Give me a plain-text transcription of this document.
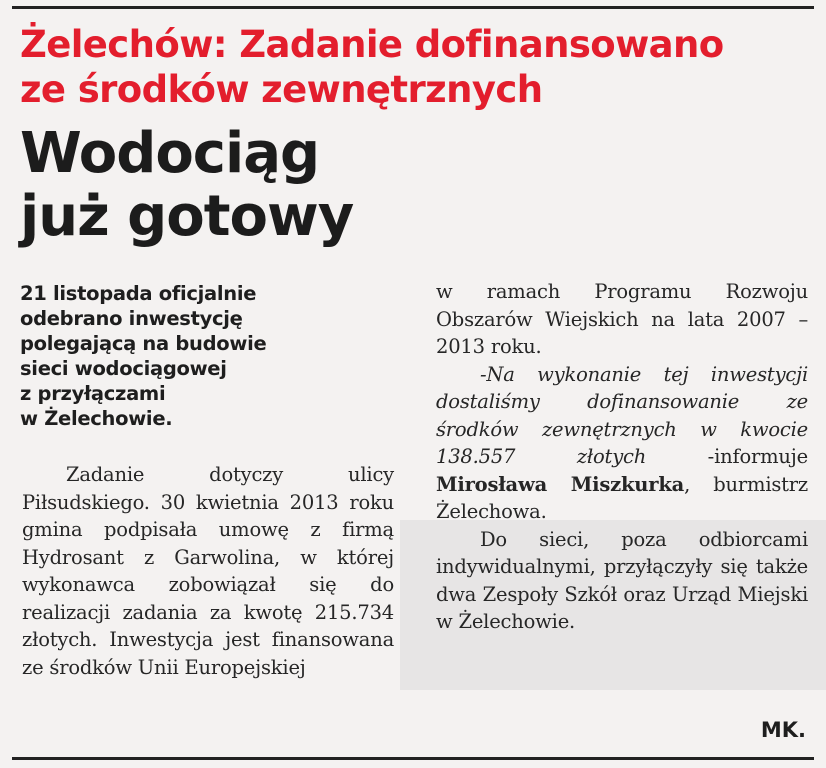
Żelechów: Zadanie dofinansowano
ze środków zewnętrznych
Wodociąg
już gotowy

21 listopada oficjalnie
odebrano inwestycję
polegającą na budowie
sieci wodociągowej
z przyłączami
w Żelechowie.

Zadanie dotyczy ulicy Piłsudskiego. 30 kwietnia 2013 roku gmina podpisała umowę z firmą Hydrosant z Garwolina, w której wykonawca zobowiązał się do realizacji zadania za kwotę 215.734 złotych. Inwestycja jest finansowana ze środków Unii Europejskiej

w ramach Programu Rozwoju Obszarów Wiejskich na lata 2007 – 2013 roku.

-Na wykonanie tej inwestycji dostaliśmy dofinansowanie ze środków zewnętrznych w kwocie 138.557 złotych -informuje Mirosława Miszkurka, burmistrz Żelechowa.

Do sieci, poza odbiorcami indywidualnymi, przyłączyły się także dwa Zespoły Szkół oraz Urząd Miejski w Żelechowie.

MK.
